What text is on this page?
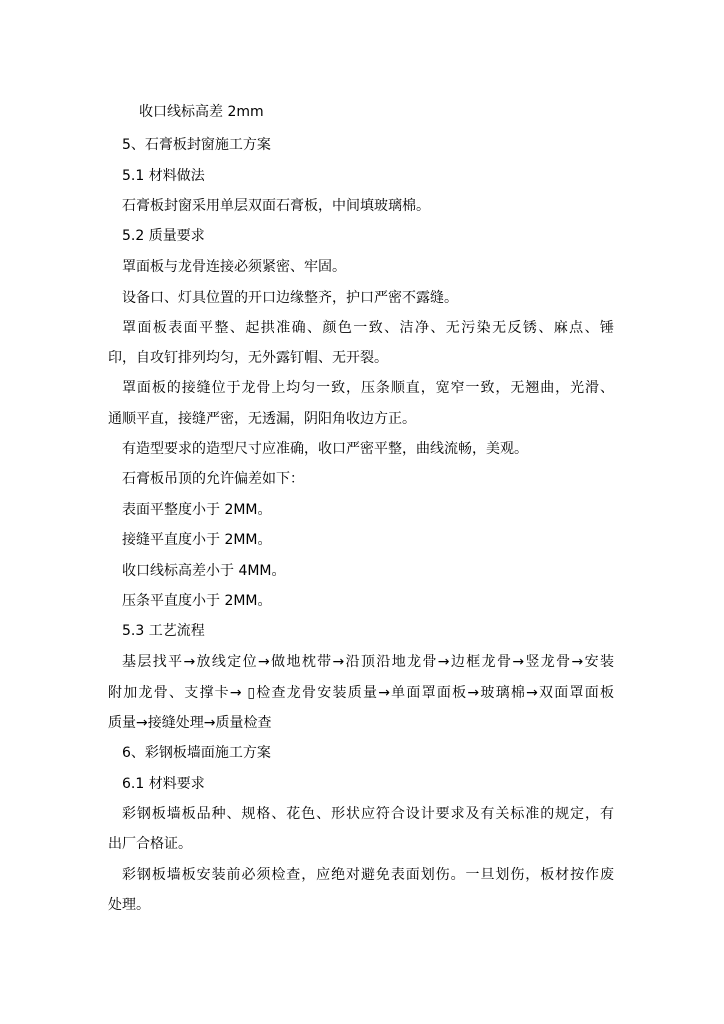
收口线标高差 2mm
5、石膏板封窗施工方案
5.1 材料做法
石膏板封窗采用单层双面石膏板，中间填玻璃棉。
5.2 质量要求
罩面板与龙骨连接必须紧密、牢固。
设备口、灯具位置的开口边缘整齐，护口严密不露缝。
罩面板表面平整、起拱准确、颜色一致、洁净、无污染无反锈、麻点、锤
印，自攻钉排列均匀，无外露钉帽、无开裂。
罩面板的接缝位于龙骨上均匀一致，压条顺直，宽窄一致，无翘曲，光滑、
通顺平直，接缝严密，无透漏，阴阳角收边方正。
有造型要求的造型尺寸应准确，收口严密平整，曲线流畅，美观。
石膏板吊顶的允许偏差如下：
表面平整度小于 2MM。
接缝平直度小于 2MM。
收口线标高差小于 4MM。
压条平直度小于 2MM。
5.3 工艺流程
基层找平→放线定位→做地枕带→沿顶沿地龙骨→边框龙骨→竖龙骨→安装
附加龙骨、支撑卡→ ▯检查龙骨安装质量→单面罩面板→玻璃棉→双面罩面板
质量→接缝处理→质量检查
6、彩钢板墙面施工方案
6.1 材料要求
彩钢板墙板品种、规格、花色、形状应符合设计要求及有关标准的规定，有
出厂合格证。
彩钢板墙板安装前必须检查，应绝对避免表面划伤。一旦划伤，板材按作废
处理。
